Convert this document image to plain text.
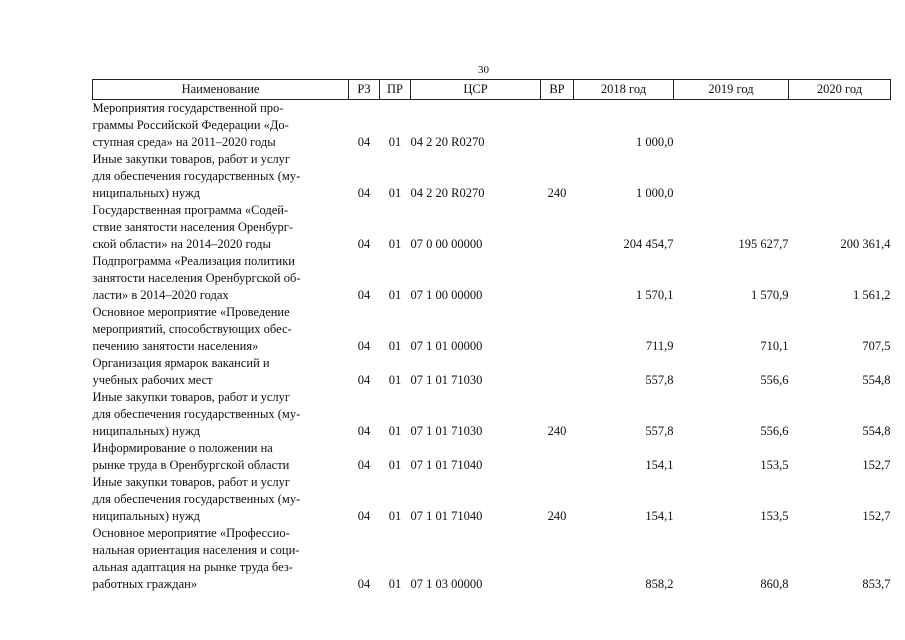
30
Наименование	РЗ	ПР	ЦСР	ВР	2018 год	2019 год	2020 год

Мероприятия государственной про-
граммы Российской Федерации «До-
ступная среда» на 2011–2020 годы	04	01	04 2 20 R0270		1 000,0		

Иные закупки товаров, работ и услуг
для обеспечения государственных (му-
ниципальных) нужд	04	01	04 2 20 R0270	240	1 000,0		

Государственная программа «Содей-
ствие занятости населения Оренбург-
ской области» на 2014–2020 годы	04	01	07 0 00 00000		204 454,7	195 627,7	200 361,4

Подпрограмма «Реализация политики
занятости населения Оренбургской об-
ласти» в 2014–2020 годах	04	01	07 1 00 00000		1 570,1	1 570,9	1 561,2

Основное мероприятие «Проведение
мероприятий, способствующих обес-
печению занятости населения»	04	01	07 1 01 00000		711,9	710,1	707,5

Организация ярмарок вакансий и
учебных рабочих мест	04	01	07 1 01 71030		557,8	556,6	554,8

Иные закупки товаров, работ и услуг
для обеспечения государственных (му-
ниципальных) нужд	04	01	07 1 01 71030	240	557,8	556,6	554,8

Информирование о положении на
рынке труда в Оренбургской области	04	01	07 1 01 71040		154,1	153,5	152,7

Иные закупки товаров, работ и услуг
для обеспечения государственных (му-
ниципальных) нужд	04	01	07 1 01 71040	240	154,1	153,5	152,7

Основное мероприятие «Профессио-
нальная ориентация населения и соци-
альная адаптация на рынке труда без-
работных граждан»	04	01	07 1 03 00000		858,2	860,8	853,7
